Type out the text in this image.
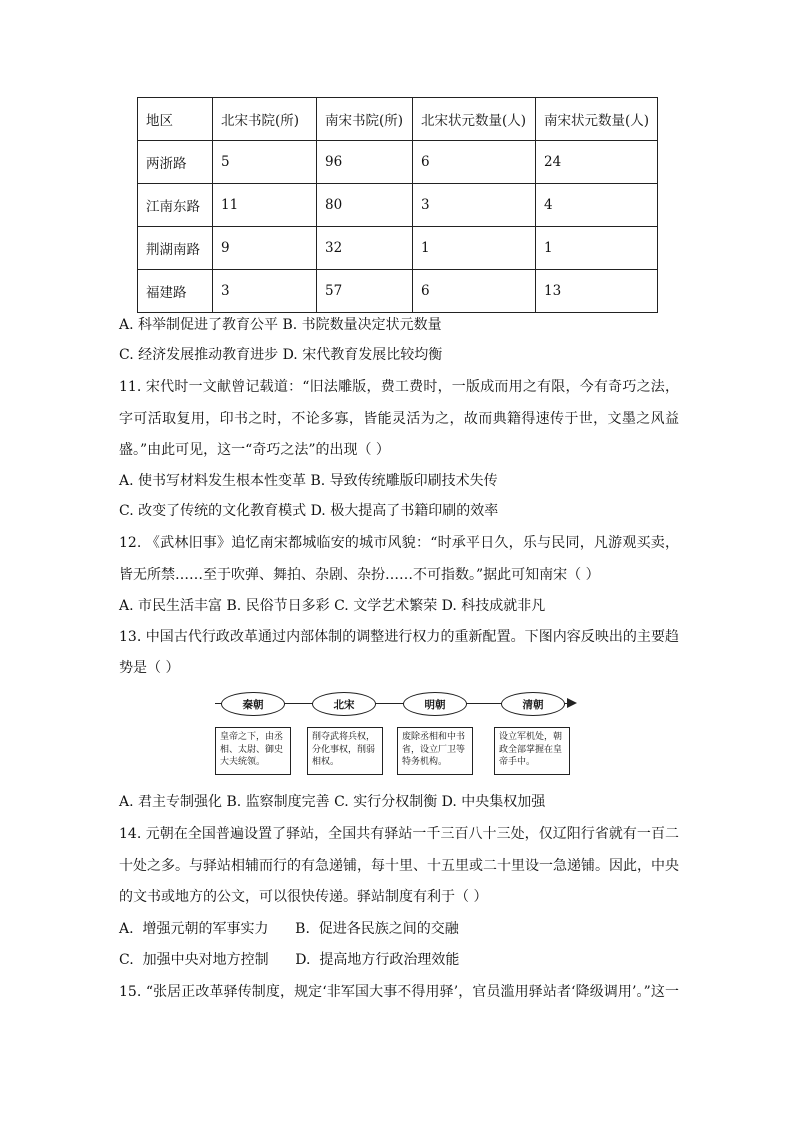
地区	北宋书院(所)	南宋书院(所)	北宋状元数量(人)	南宋状元数量(人)
两浙路	5	96	6	24
江南东路	11	80	3	4
荆湖南路	9	32	1	1
福建路	3	57	6	13
A. 科举制促进了教育公平 B. 书院数量决定状元数量
C. 经济发展推动教育进步 D. 宋代教育发展比较均衡
11. 宋代时一文献曾记载道：“旧法雕版，费工费时，一版成而用之有限，今有奇巧之法，
字可活取复用，印书之时，不论多寡，皆能灵活为之，故而典籍得速传于世，文墨之风益
盛。”由此可见，这一“奇巧之法”的出现（ ）
A. 使书写材料发生根本性变革 B. 导致传统雕版印刷技术失传
C. 改变了传统的文化教育模式 D. 极大提高了书籍印刷的效率
12. 《武林旧事》追忆南宋都城临安的城市风貌：“时承平日久，乐与民同，凡游观买卖，
皆无所禁……至于吹弹、舞拍、杂剧、杂扮……不可指数。”据此可知南宋（ ）
A. 市民生活丰富 B. 民俗节日多彩 C. 文学艺术繁荣 D. 科技成就非凡
13. 中国古代行政改革通过内部体制的调整进行权力的重新配置。下图内容反映出的主要趋
势是（ ）
秦朝	北宋	明朝	清朝
皇帝之下，由丞相、太尉、御史大夫统领。
削夺武将兵权，分化事权，削弱相权。
废除丞相和中书省，设立厂卫等特务机构。
设立军机处，朝政全部掌握在皇帝手中。
A. 君主专制强化 B. 监察制度完善 C. 实行分权制衡 D. 中央集权加强
14. 元朝在全国普遍设置了驿站，全国共有驿站一千三百八十三处，仅辽阳行省就有一百二
十处之多。与驿站相辅而行的有急递铺，每十里、十五里或二十里设一急递铺。因此，中央
的文书或地方的公文，可以很快传递。驿站制度有利于（ ）
A.  增强元朝的军事实力      B.  促进各民族之间的交融
C.  加强中央对地方控制      D.  提高地方行政治理效能
15. “张居正改革驿传制度，规定‘非军国大事不得用驿’，官员滥用驿站者‘降级调用’。”这一
